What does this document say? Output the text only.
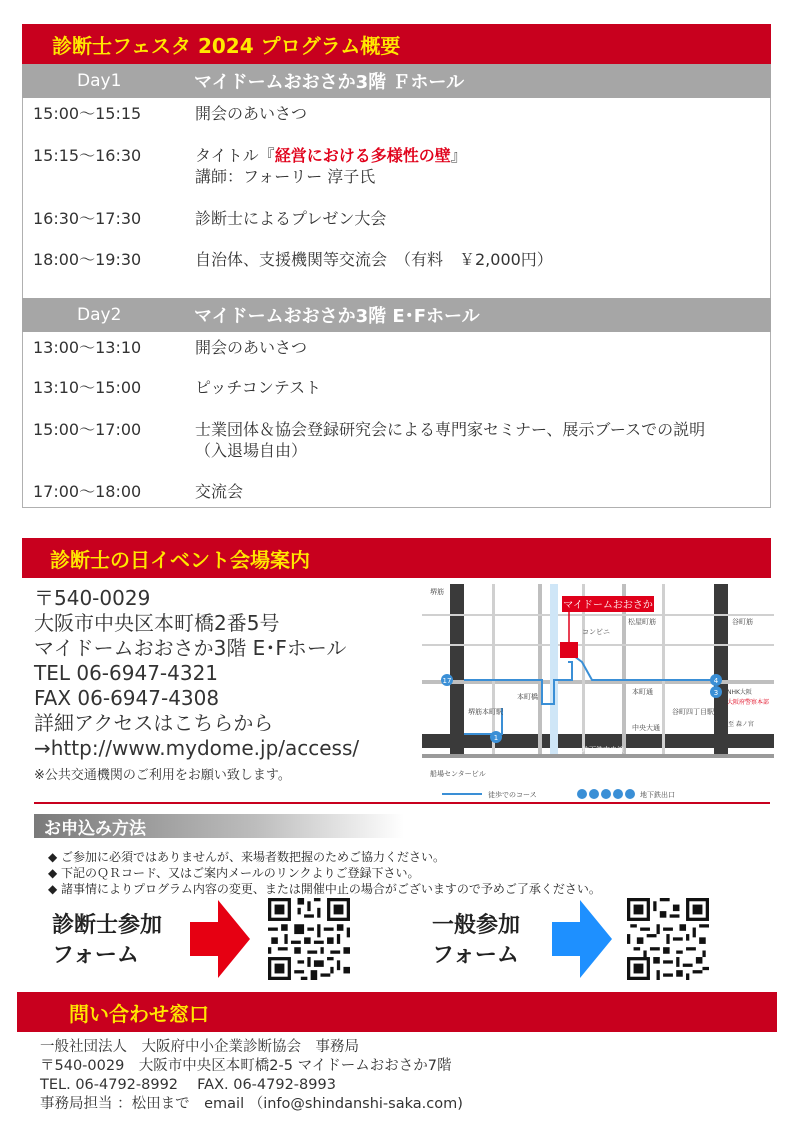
診断士フェスタ 2024 プログラム概要
Day1	マイドームおおさか3階 Ｆホール
15:00～15:15	開会のあいさつ
15:15～16:30	タイトル『経営における多様性の壁』
講師：フォーリー 淳子氏
16:30～17:30	診断士によるプレゼン大会
18:00～19:30	自治体、支援機関等交流会　（有料　￥2,000円）
Day2	マイドームおおさか3階 E･Fホール
13:00～13:10	開会のあいさつ
13:10～15:00	ピッチコンテスト
15:00～17:00	士業団体＆協会登録研究会による専門家セミナー、展示ブースでの説明
（入退場自由）
17:00～18:00	交流会
診断士の日イベント会場案内
〒540-0029
大阪市中央区本町橋2番5号
マイドームおおさか3階 E･Fホール
TEL 06-6947-4321
FAX 06-6947-4308
詳細アクセスはこちらから
→http://www.mydome.jp/access/
※公共交通機関のご利用をお願い致します。
マイドームおおさか
17	4
3
1
堺筋
堺筋本町駅
本町通
中央大通
船場センタービル
地下鉄中央線
谷町四丁目駅
谷町筋
コンビニ
本町橋
松屋町筋
至 森ノ宮
大阪府警察本部
NHK大阪
徒歩でのコース	地下鉄出口
お申込み方法
◆ ご参加に必須ではありませんが、来場者数把握のためご協力ください。
◆ 下記のＱＲコード、又はご案内メールのリンクよりご登録下さい。
◆ 諸事情によりプログラム内容の変更、または開催中止の場合がございますので予めご了承ください。
診断士参加
フォーム
一般参加
フォーム
問い合わせ窓口
一般社団法人　大阪府中小企業診断協会　事務局
〒540-0029　大阪市中央区本町橋2-5 マイドームおおさか7階
TEL. 06-4792-8992　 FAX. 06-4792-8993
事務局担当 ：松田まで　email （info@shindanshi-saka.com)
